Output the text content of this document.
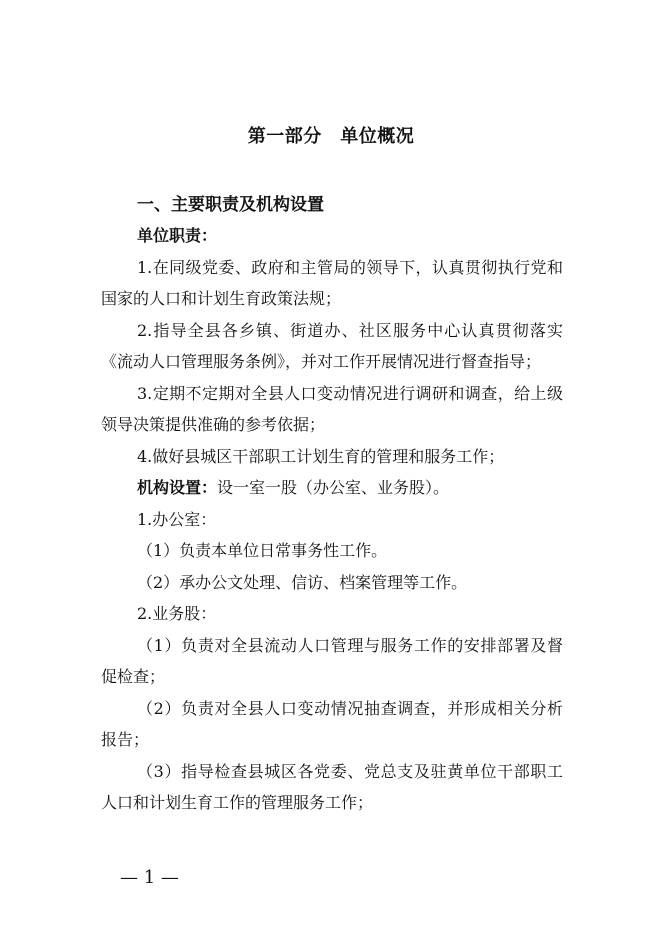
第一部分　单位概况
一、主要职责及机构设置

单位职责：

1.在同级党委、政府和主管局的领导下，认真贯彻执行党和国家的人口和计划生育政策法规；

2.指导全县各乡镇、街道办、社区服务中心认真贯彻落实《流动人口管理服务条例》，并对工作开展情况进行督查指导；

3.定期不定期对全县人口变动情况进行调研和调查，给上级领导决策提供准确的参考依据；

4.做好县城区干部职工计划生育的管理和服务工作；

机构设置：设一室一股（办公室、业务股）。

1.办公室：

（1）负责本单位日常事务性工作。

（2）承办公文处理、信访、档案管理等工作。

2.业务股：

（1）负责对全县流动人口管理与服务工作的安排部署及督促检查；

（2）负责对全县人口变动情况抽查调查，并形成相关分析报告；

（3）指导检查县城区各党委、党总支及驻黄单位干部职工人口和计划生育工作的管理服务工作；

— 1 —
